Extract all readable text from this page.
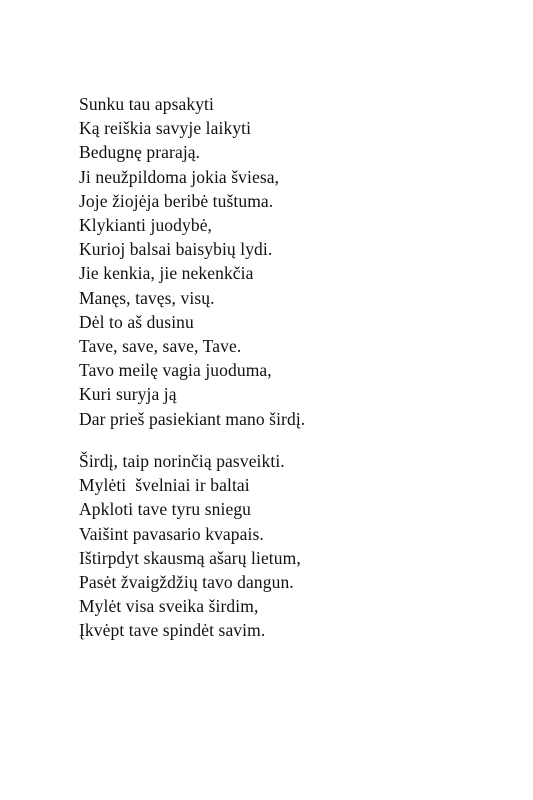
Sunku tau apsakyti
Ką reiškia savyje laikyti
Bedugnę prarają.
Ji neužpildoma jokia šviesa,
Joje žiojėja beribė tuštuma.
Klykianti juodybė,
Kurioj balsai baisybių lydi.
Jie kenkia, jie nekenkčia
Manęs, tavęs, visų.
Dėl to aš dusinu
Tave, save, save, Tave.
Tavo meilę vagia juoduma,
Kuri suryja ją
Dar prieš pasiekiant mano širdį.
Širdį, taip norinčią pasveikti.
Mylėti  švelniai ir baltai
Apkloti tave tyru sniegu
Vaišint pavasario kvapais.
Ištirpdyt skausmą ašarų lietum,
Pasėt žvaigždžių tavo dangun.
Mylėt visa sveika širdim,
Įkvėpt tave spindėt savim.
